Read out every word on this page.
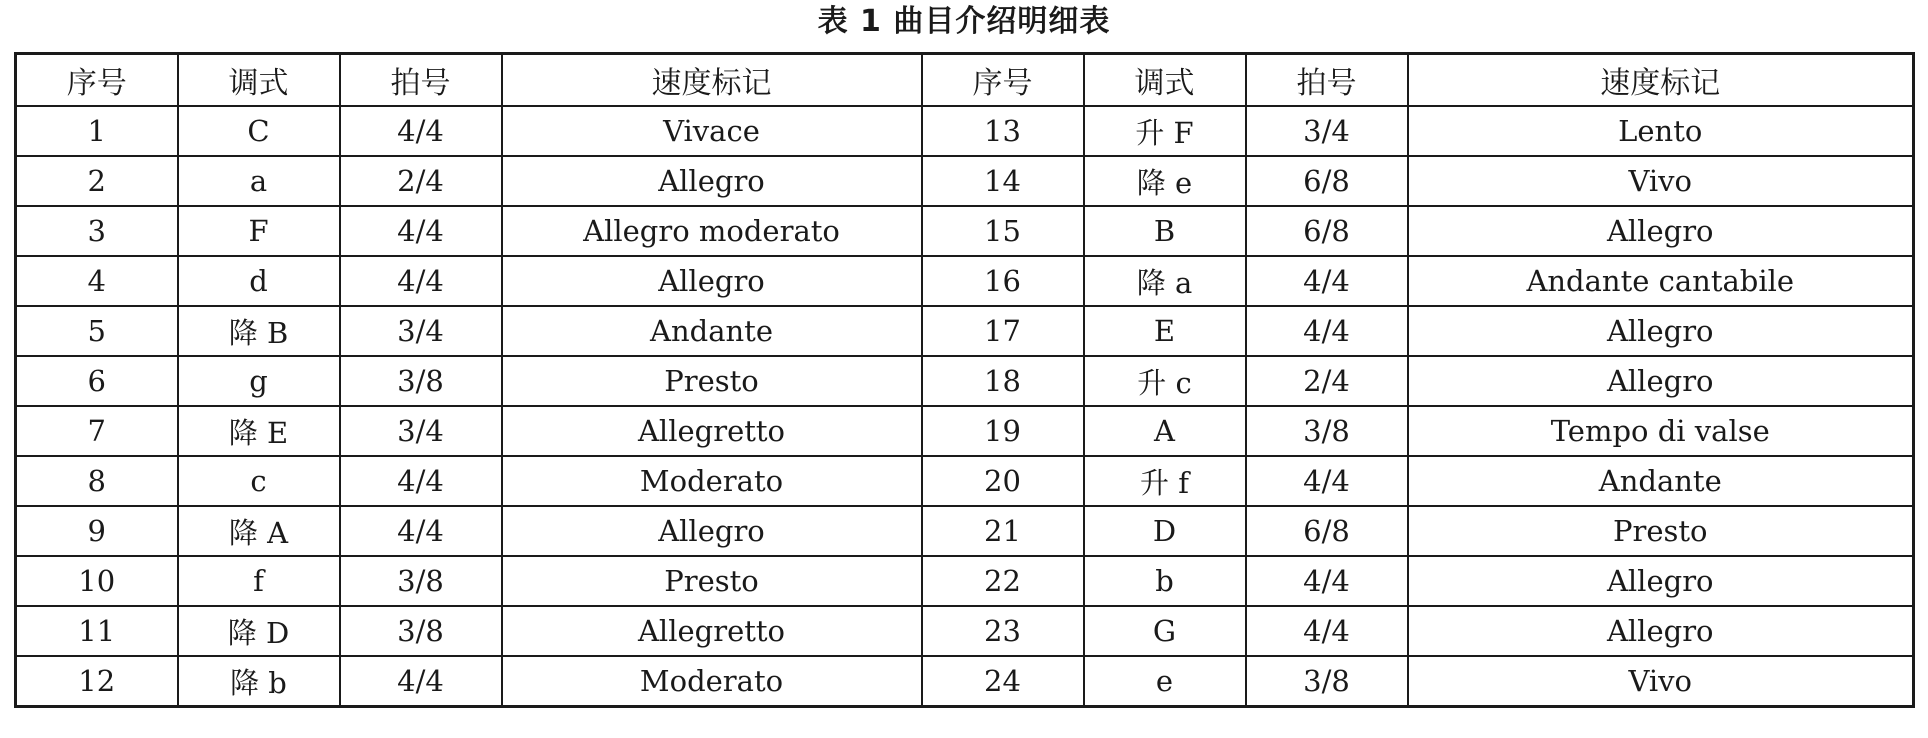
表 1 曲目介绍明细表
序号	调式	拍号	速度标记	序号	调式	拍号	速度标记
1	C	4/4	Vivace	13	升 F	3/4	Lento
2	a	2/4	Allegro	14	降 e	6/8	Vivo
3	F	4/4	Allegro moderato	15	B	6/8	Allegro
4	d	4/4	Allegro	16	降 a	4/4	Andante cantabile
5	降 B	3/4	Andante	17	E	4/4	Allegro
6	g	3/8	Presto	18	升 c	2/4	Allegro
7	降 E	3/4	Allegretto	19	A	3/8	Tempo di valse
8	c	4/4	Moderato	20	升 f	4/4	Andante
9	降 A	4/4	Allegro	21	D	6/8	Presto
10	f	3/8	Presto	22	b	4/4	Allegro
11	降 D	3/8	Allegretto	23	G	4/4	Allegro
12	降 b	4/4	Moderato	24	e	3/8	Vivo
